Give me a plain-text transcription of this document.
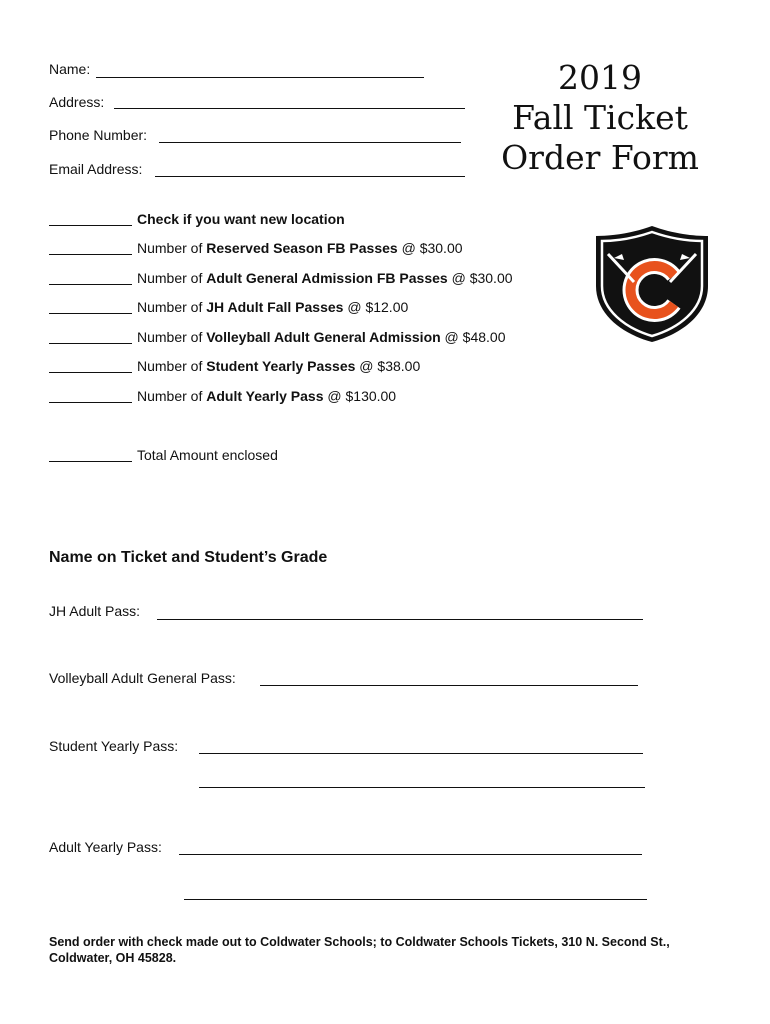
Name:
Address:
Phone Number:
Email Address:
2019
Fall Ticket
Order Form
Check if you want new location
Number of Reserved Season FB Passes @ $30.00
Number of Adult General Admission FB Passes @ $30.00
Number of JH Adult Fall Passes @ $12.00
Number of Volleyball Adult General Admission @ $48.00
Number of Student Yearly Passes @ $38.00
Number of Adult Yearly Pass @ $130.00
Total Amount enclosed
Name on Ticket and Student’s Grade
JH Adult Pass:
Volleyball Adult General Pass:
Student Yearly Pass:
Adult Yearly Pass:
Send order with check made out to Coldwater Schools; to Coldwater Schools Tickets, 310 N. Second St., Coldwater, OH 45828.
